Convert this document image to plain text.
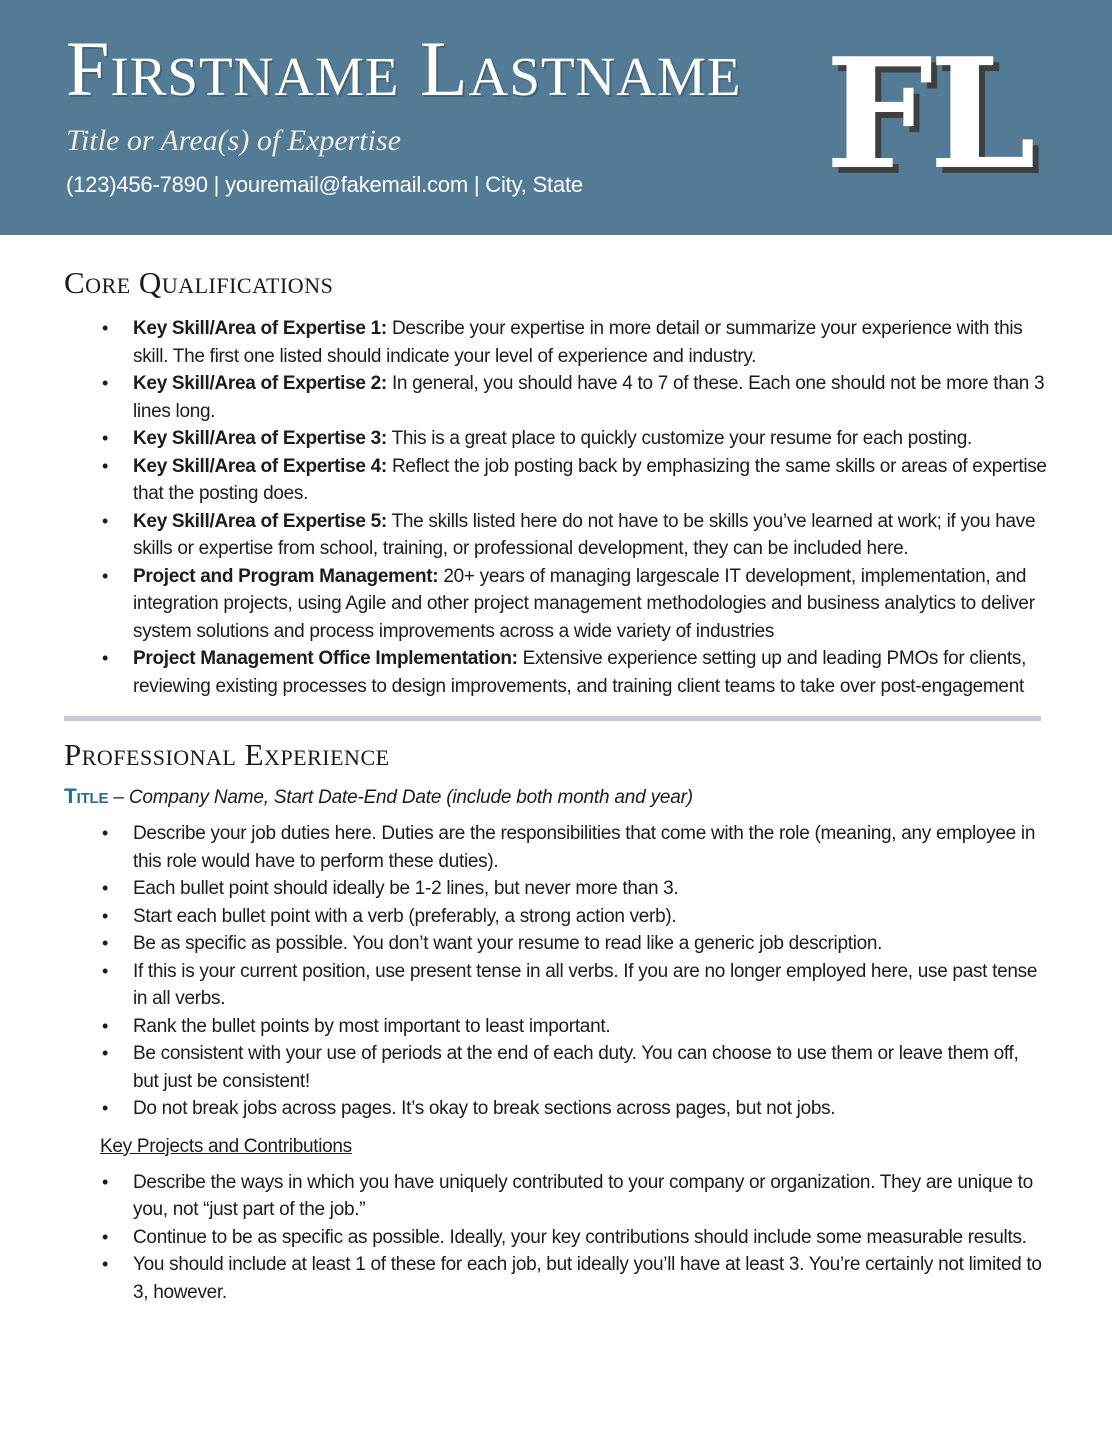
Firstname Lastname
Title or Area(s) of Expertise
(123)456-7890 | youremail@fakemail.com | City, State	FL
Core Qualifications
• Key Skill/Area of Expertise 1: Describe your expertise in more detail or summarize your experience with this skill. The first one listed should indicate your level of experience and industry.
• Key Skill/Area of Expertise 2: In general, you should have 4 to 7 of these. Each one should not be more than 3 lines long.
• Key Skill/Area of Expertise 3: This is a great place to quickly customize your resume for each posting.
• Key Skill/Area of Expertise 4: Reflect the job posting back by emphasizing the same skills or areas of expertise that the posting does.
• Key Skill/Area of Expertise 5: The skills listed here do not have to be skills you’ve learned at work; if you have skills or expertise from school, training, or professional development, they can be included here.
• Project and Program Management: 20+ years of managing largescale IT development, implementation, and integration projects, using Agile and other project management methodologies and business analytics to deliver system solutions and process improvements across a wide variety of industries
• Project Management Office Implementation: Extensive experience setting up and leading PMOs for clients, reviewing existing processes to design improvements, and training client teams to take over post-engagement
Professional Experience
Title – Company Name, Start Date-End Date (include both month and year)
• Describe your job duties here. Duties are the responsibilities that come with the role (meaning, any employee in this role would have to perform these duties).
• Each bullet point should ideally be 1-2 lines, but never more than 3.
• Start each bullet point with a verb (preferably, a strong action verb).
• Be as specific as possible. You don’t want your resume to read like a generic job description.
• If this is your current position, use present tense in all verbs. If you are no longer employed here, use past tense in all verbs.
• Rank the bullet points by most important to least important.
• Be consistent with your use of periods at the end of each duty. You can choose to use them or leave them off, but just be consistent!
• Do not break jobs across pages. It’s okay to break sections across pages, but not jobs.
Key Projects and Contributions
• Describe the ways in which you have uniquely contributed to your company or organization. They are unique to you, not “just part of the job.”
• Continue to be as specific as possible. Ideally, your key contributions should include some measurable results.
• You should include at least 1 of these for each job, but ideally you’ll have at least 3. You’re certainly not limited to 3, however.
